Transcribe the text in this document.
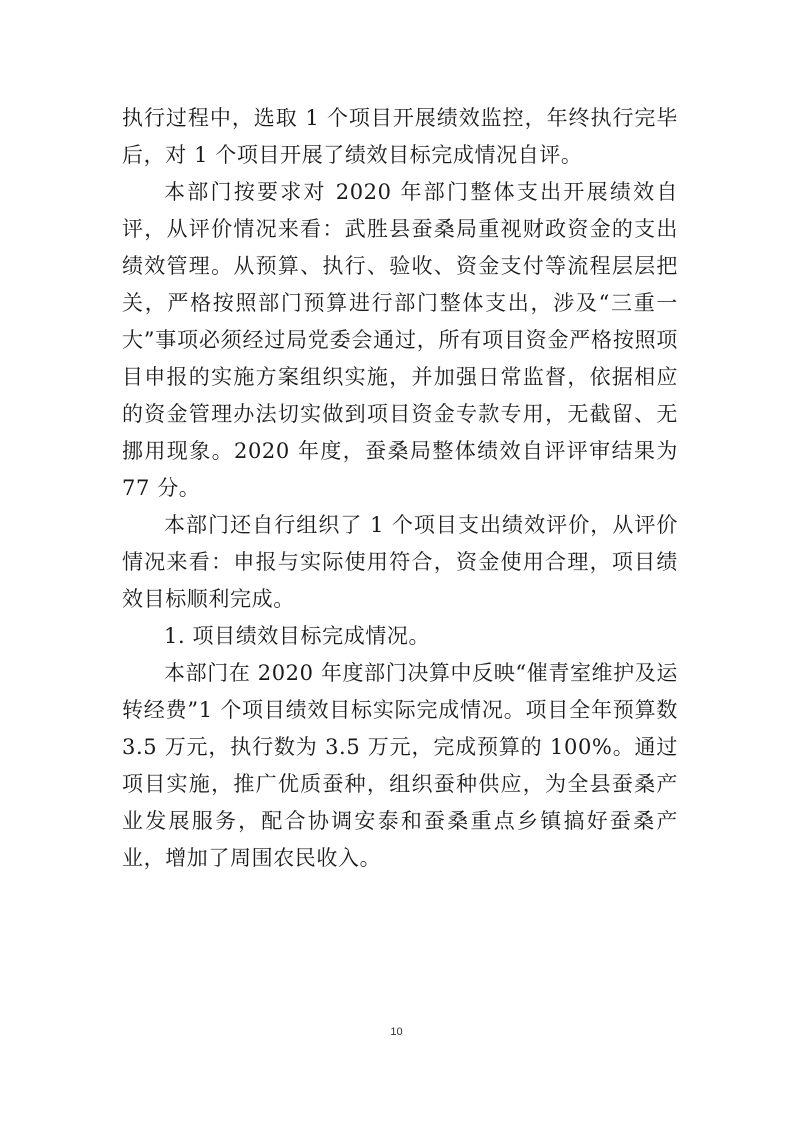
执行过程中，选取 1 个项目开展绩效监控，年终执行完毕后，对 1 个项目开展了绩效目标完成情况自评。

本部门按要求对 2020 年部门整体支出开展绩效自评，从评价情况来看：武胜县蚕桑局重视财政资金的支出绩效管理。从预算、执行、验收、资金支付等流程层层把关，严格按照部门预算进行部门整体支出，涉及“三重一大”事项必须经过局党委会通过，所有项目资金严格按照项目申报的实施方案组织实施，并加强日常监督，依据相应的资金管理办法切实做到项目资金专款专用，无截留、无挪用现象。2020 年度，蚕桑局整体绩效自评评审结果为 77 分。

本部门还自行组织了 1 个项目支出绩效评价，从评价情况来看：申报与实际使用符合，资金使用合理，项目绩效目标顺利完成。

1. 项目绩效目标完成情况。

本部门在 2020 年度部门决算中反映“催青室维护及运转经费”1 个项目绩效目标实际完成情况。项目全年预算数 3.5 万元，执行数为 3.5 万元，完成预算的 100%。通过项目实施，推广优质蚕种，组织蚕种供应，为全县蚕桑产业发展服务，配合协调安泰和蚕桑重点乡镇搞好蚕桑产业，增加了周围农民收入。

10
